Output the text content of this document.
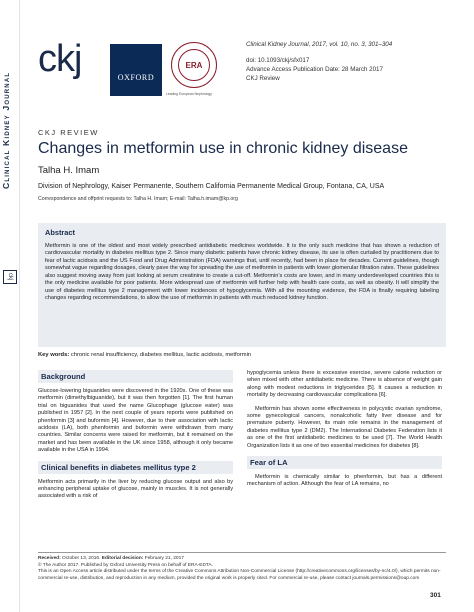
Clinical Kidney Journal
ckj
ckj	OXFORD
ERA
Leading European Nephrology
Clinical Kidney Journal, 2017, vol. 10, no. 3, 301–304
doi: 10.1093/ckj/sfx017
Advance Access Publication Date: 28 March 2017
CKJ Review
CKJ REVIEW
Changes in metformin use in chronic kidney disease
Talha H. Imam
Division of Nephrology, Kaiser Permanente, Southern California Permanente Medical Group, Fontana, CA, USA
Correspondence and offprint requests to: Talha H. Imam; E-mail: Talha.h.imam@kp.org
Abstract
Metformin is one of the oldest and most widely prescribed antidiabetic medicines worldwide. It is the only such medicine that has shown a reduction of cardiovascular mortality in diabetes mellitus type 2. Since many diabetic patients have chronic kidney disease, its use is often curtailed by practitioners due to fear of lactic acidosis and the US Food and Drug Administration (FDA) warnings that, until recently, had been in place for decades. Current guidelines, though somewhat vague regarding dosages, clearly pave the way for spreading the use of metformin in patients with lower glomerular filtration rates. These guidelines also suggest moving away from just looking at serum creatinine to create a cut-off. Metformin’s costs are lower, and in many underdeveloped countries this is the only medicine available for poor patients. More widespread use of metformin will further help with health care costs, as well as obesity. It will simplify the use of diabetes mellitus type 2 management with lower incidences of hypoglycemia. With all the mounting evidence, the FDA is finally requiring labeling changes regarding recommendations, to allow the use of metformin in patients with much reduced kidney function.
Key words: chronic renal insufficiency, diabetes mellitus, lactic acidosis, metformin
Background

Glucose-lowering biguanides were discovered in the 1920s. One of these was metformin (dimethylbiguanide), but it was then forgotten [1]. The first human trial on biguanides that used the name Glucophage (glucose eater) was published in 1957 [2]. In the next couple of years reports were published on phenformin [3] and buformin [4]. However, due to their association with lactic acidosis (LA), both phenformin and buformin were withdrawn from many countries. Similar concerns were raised for metformin, but it remained on the market and has been available in the UK since 1958, although it only became available in the USA in 1994.

Clinical benefits in diabetes mellitus type 2

Metformin acts primarily in the liver by reducing glucose output and also by enhancing peripheral uptake of glucose, mainly in muscles. It is not generally associated with a risk of

hypoglycemia unless there is excessive exercise, severe calorie reduction or when mixed with other antidiabetic medicine. There is absence of weight gain along with modest reductions in triglycerides [5]. It causes a reduction in mortality by decreasing cardiovascular complications [6].

Metformin has shown some effectiveness in polycystic ovarian syndrome, some gynecological cancers, nonalcoholic fatty liver disease and for premature puberty. However, its main role remains in the management of diabetes mellitus type 2 (DM2). The International Diabetes Federation lists it as one of the first antidiabetic medicines to be used [7]. The World Health Organization lists it as one of two essential medicines for diabetes [8].

Fear of LA

Metformin is chemically similar to phenformin, but has a different mechanism of action. Although the fear of LA remains, no

Received: October 13, 2016. Editorial decision: February 21, 2017
© The Author 2017. Published by Oxford University Press on behalf of ERA-EDTA.
This is an Open Access article distributed under the terms of the Creative Commons Attribution Non-Commercial License (http://creativecommons.org/licenses/by-nc/4.0/), which permits non-commercial re-use, distribution, and reproduction in any medium, provided the original work is properly cited. For commercial re-use, please contact journals.permissions@oup.com
301
